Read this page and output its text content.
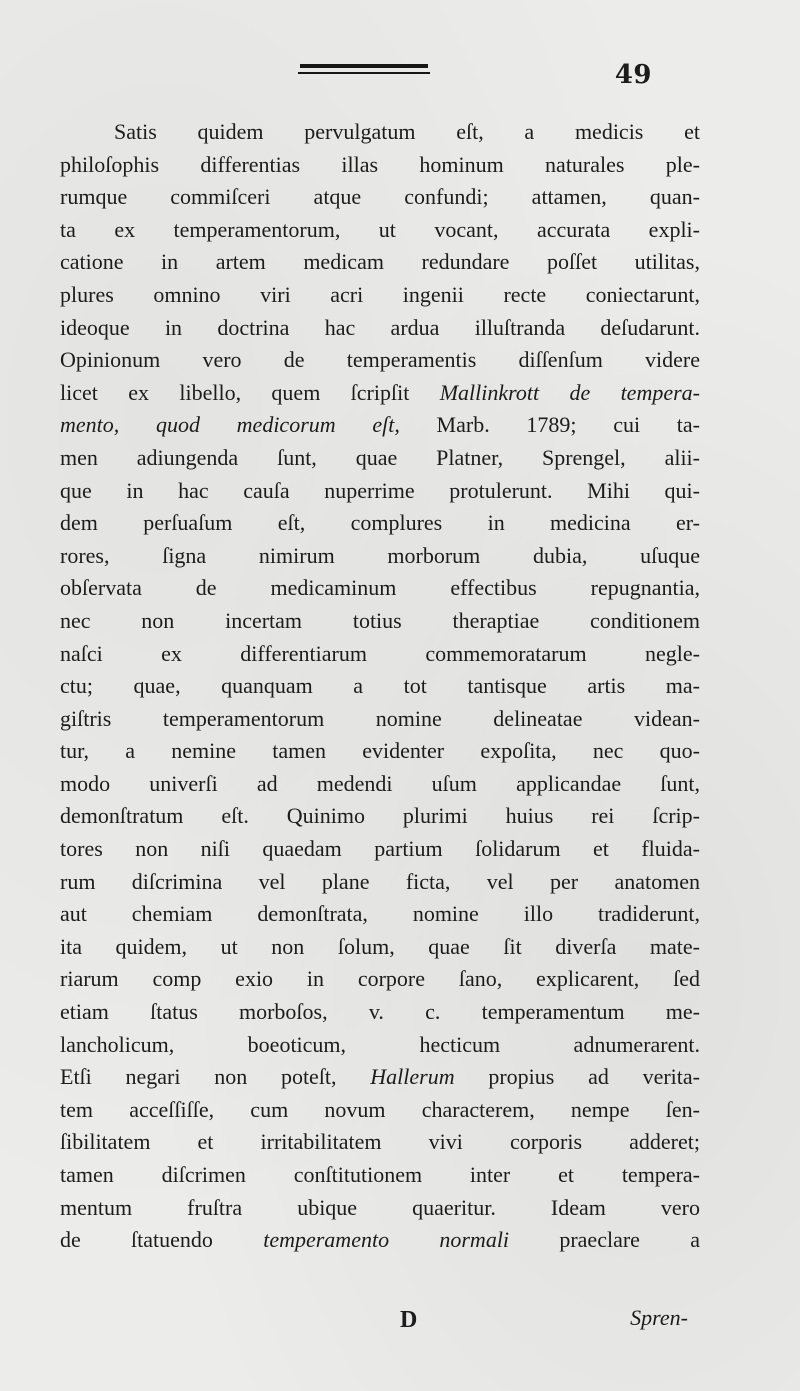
49
Satis quidem pervulgatum eſt, a medicis et
philoſophis differentias illas hominum naturales ple-
rumque commiſceri atque confundi; attamen, quan-
ta ex temperamentorum, ut vocant, accurata expli-
catione in artem medicam redundare poſſet utilitas,
plures omnino viri acri ingenii recte coniectarunt,
ideoque in doctrina hac ardua illuſtranda deſudarunt.
Opinionum vero de temperamentis diſſenſum videre
licet ex libello, quem ſcripſit Mallinkrott de tempera-
mento, quod medicorum eſt, Marb. 1789; cui ta-
men adiungenda ſunt, quae Platner, Sprengel, alii-
que in hac cauſa nuperrime protulerunt. Mihi qui-
dem perſuaſum eſt, complures in medicina er-
rores, ſigna nimirum morborum dubia, uſuque
obſervata de medicaminum effectibus repugnantia,
nec non incertam totius theraptiae conditionem
naſci ex differentiarum commemoratarum negle-
ctu; quae, quanquam a tot tantisque artis ma-
giſtris temperamentorum nomine delineatae videan-
tur, a nemine tamen evidenter expoſita, nec quo-
modo univerſi ad medendi uſum applicandae ſunt,
demonſtratum eſt. Quinimo plurimi huius rei ſcrip-
tores non niſi quaedam partium ſolidarum et fluida-
rum diſcrimina vel plane ficta, vel per anatomen
aut chemiam demonſtrata, nomine illo tradiderunt,
ita quidem, ut non ſolum, quae ſit diverſa mate-
riarum comp exio in corpore ſano, explicarent, ſed
etiam ſtatus morboſos, v. c. temperamentum me-
lancholicum, boeoticum, hecticum adnumerarent.
Etſi negari non poteſt, Hallerum propius ad verita-
tem acceſſiſſe, cum novum characterem, nempe ſen-
ſibilitatem et irritabilitatem vivi corporis adderet;
tamen diſcrimen conſtitutionem inter et tempera-
mentum fruſtra ubique quaeritur. Ideam vero
de ſtatuendo temperamento normali praeclare a
D	Spren-
